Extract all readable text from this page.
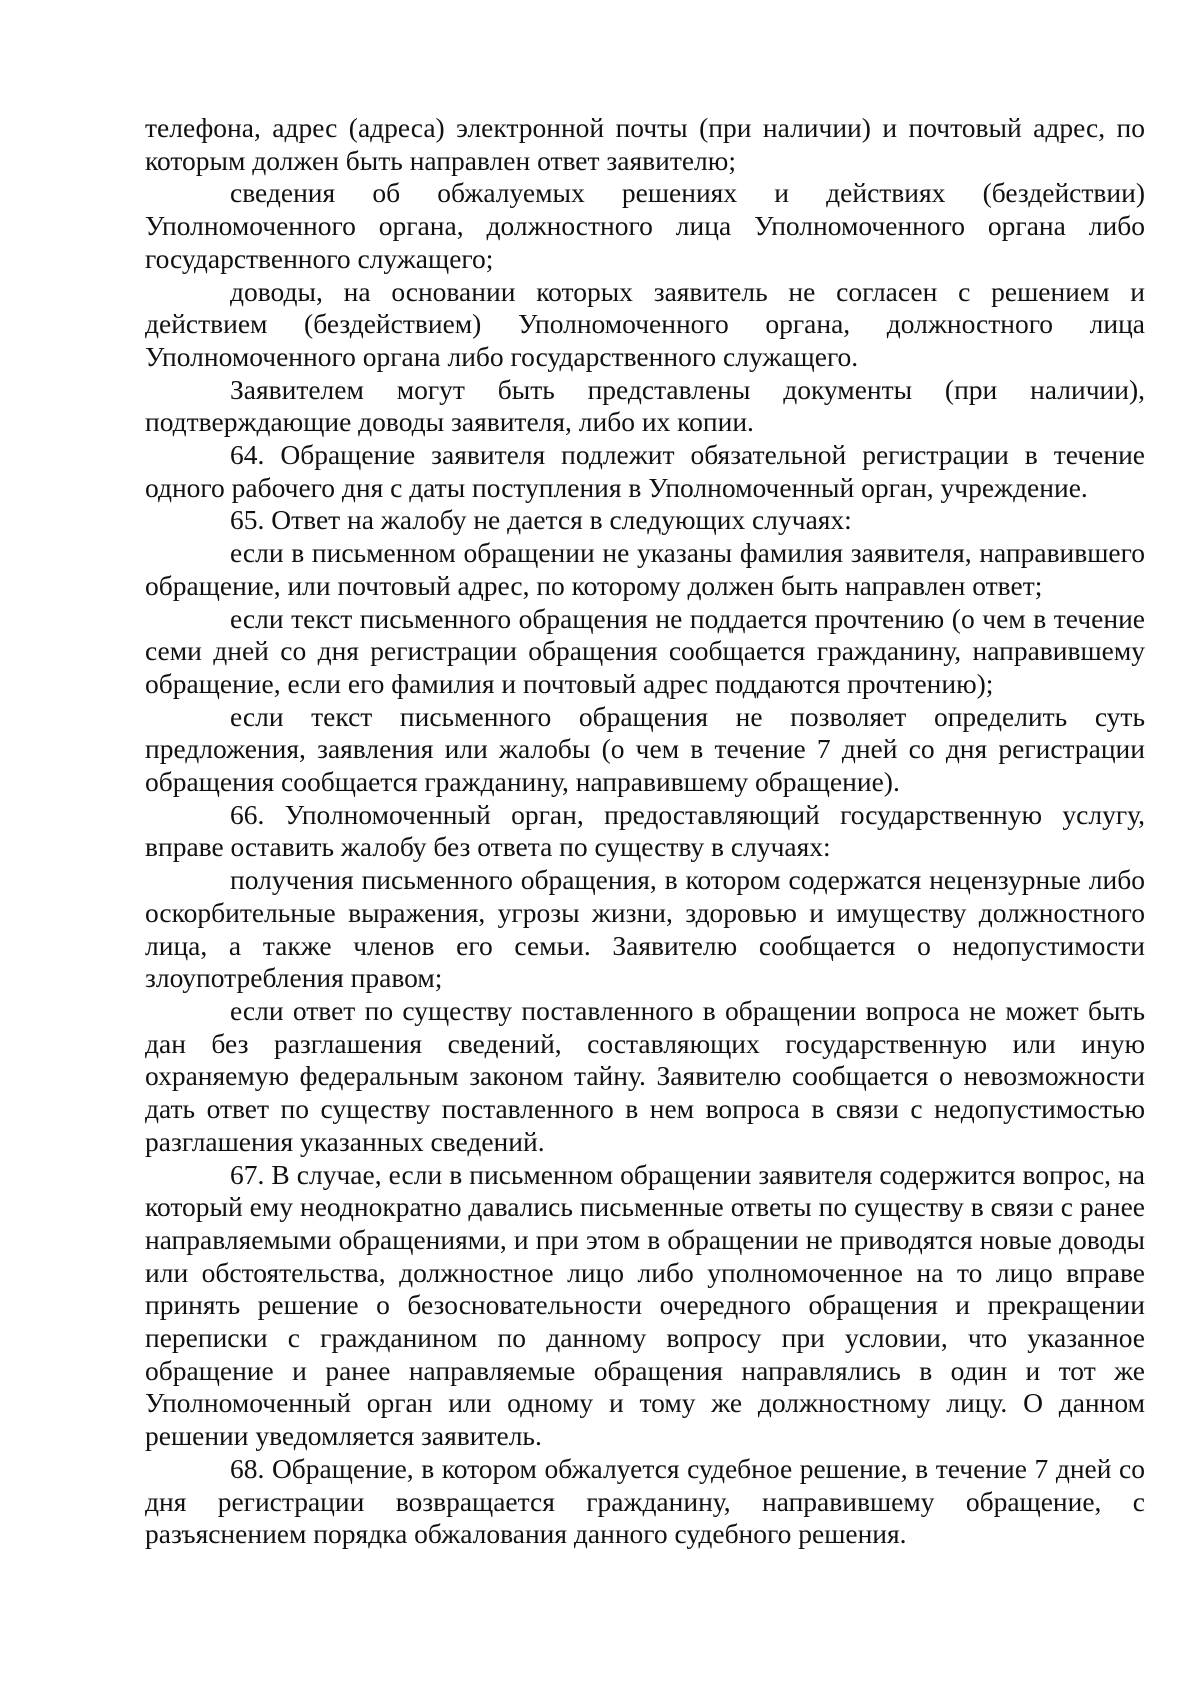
телефона, адрес (адреса) электронной почты (при наличии) и почтовый адрес, по которым должен быть направлен ответ заявителю;

сведения об обжалуемых решениях и действиях (бездействии) Уполномоченного органа, должностного лица Уполномоченного органа либо государственного служащего;

доводы, на основании которых заявитель не согласен с решением и действием (бездействием) Уполномоченного органа, должностного лица Уполномоченного органа либо государственного служащего.

Заявителем могут быть представлены документы (при наличии), подтверждающие доводы заявителя, либо их копии.

64. Обращение заявителя подлежит обязательной регистрации в течение одного рабочего дня с даты поступления в Уполномоченный орган, учреждение.

65. Ответ на жалобу не дается в следующих случаях:

если в письменном обращении не указаны фамилия заявителя, направившего обращение, или почтовый адрес, по которому должен быть направлен ответ;

если текст письменного обращения не поддается прочтению (о чем в течение семи дней со дня регистрации обращения сообщается гражданину, направившему обращение, если его фамилия и почтовый адрес поддаются прочтению);

если текст письменного обращения не позволяет определить суть предложения, заявления или жалобы (о чем в течение 7 дней со дня регистрации обращения сообщается гражданину, направившему обращение).

66. Уполномоченный орган, предоставляющий государственную услугу, вправе оставить жалобу без ответа по существу в случаях:

получения письменного обращения, в котором содержатся нецензурные либо оскорбительные выражения, угрозы жизни, здоровью и имуществу должностного лица, а также членов его семьи. Заявителю сообщается о недопустимости злоупотребления правом;

если ответ по существу поставленного в обращении вопроса не может быть дан без разглашения сведений, составляющих государственную или иную охраняемую федеральным законом тайну. Заявителю сообщается о невозможности дать ответ по существу поставленного в нем вопроса в связи с недопустимостью разглашения указанных сведений.

67. В случае, если в письменном обращении заявителя содержится вопрос, на который ему неоднократно давались письменные ответы по существу в связи с ранее направляемыми обращениями, и при этом в обращении не приводятся новые доводы или обстоятельства, должностное лицо либо уполномоченное на то лицо вправе принять решение о безосновательности очередного обращения и прекращении переписки с гражданином по данному вопросу при условии, что указанное обращение и ранее направляемые обращения направлялись в один и тот же Уполномоченный орган или одному и тому же должностному лицу. О данном решении уведомляется заявитель.

68. Обращение, в котором обжалуется судебное решение, в течение 7 дней со дня регистрации возвращается гражданину, направившему обращение, с разъяснением порядка обжалования данного судебного решения.
